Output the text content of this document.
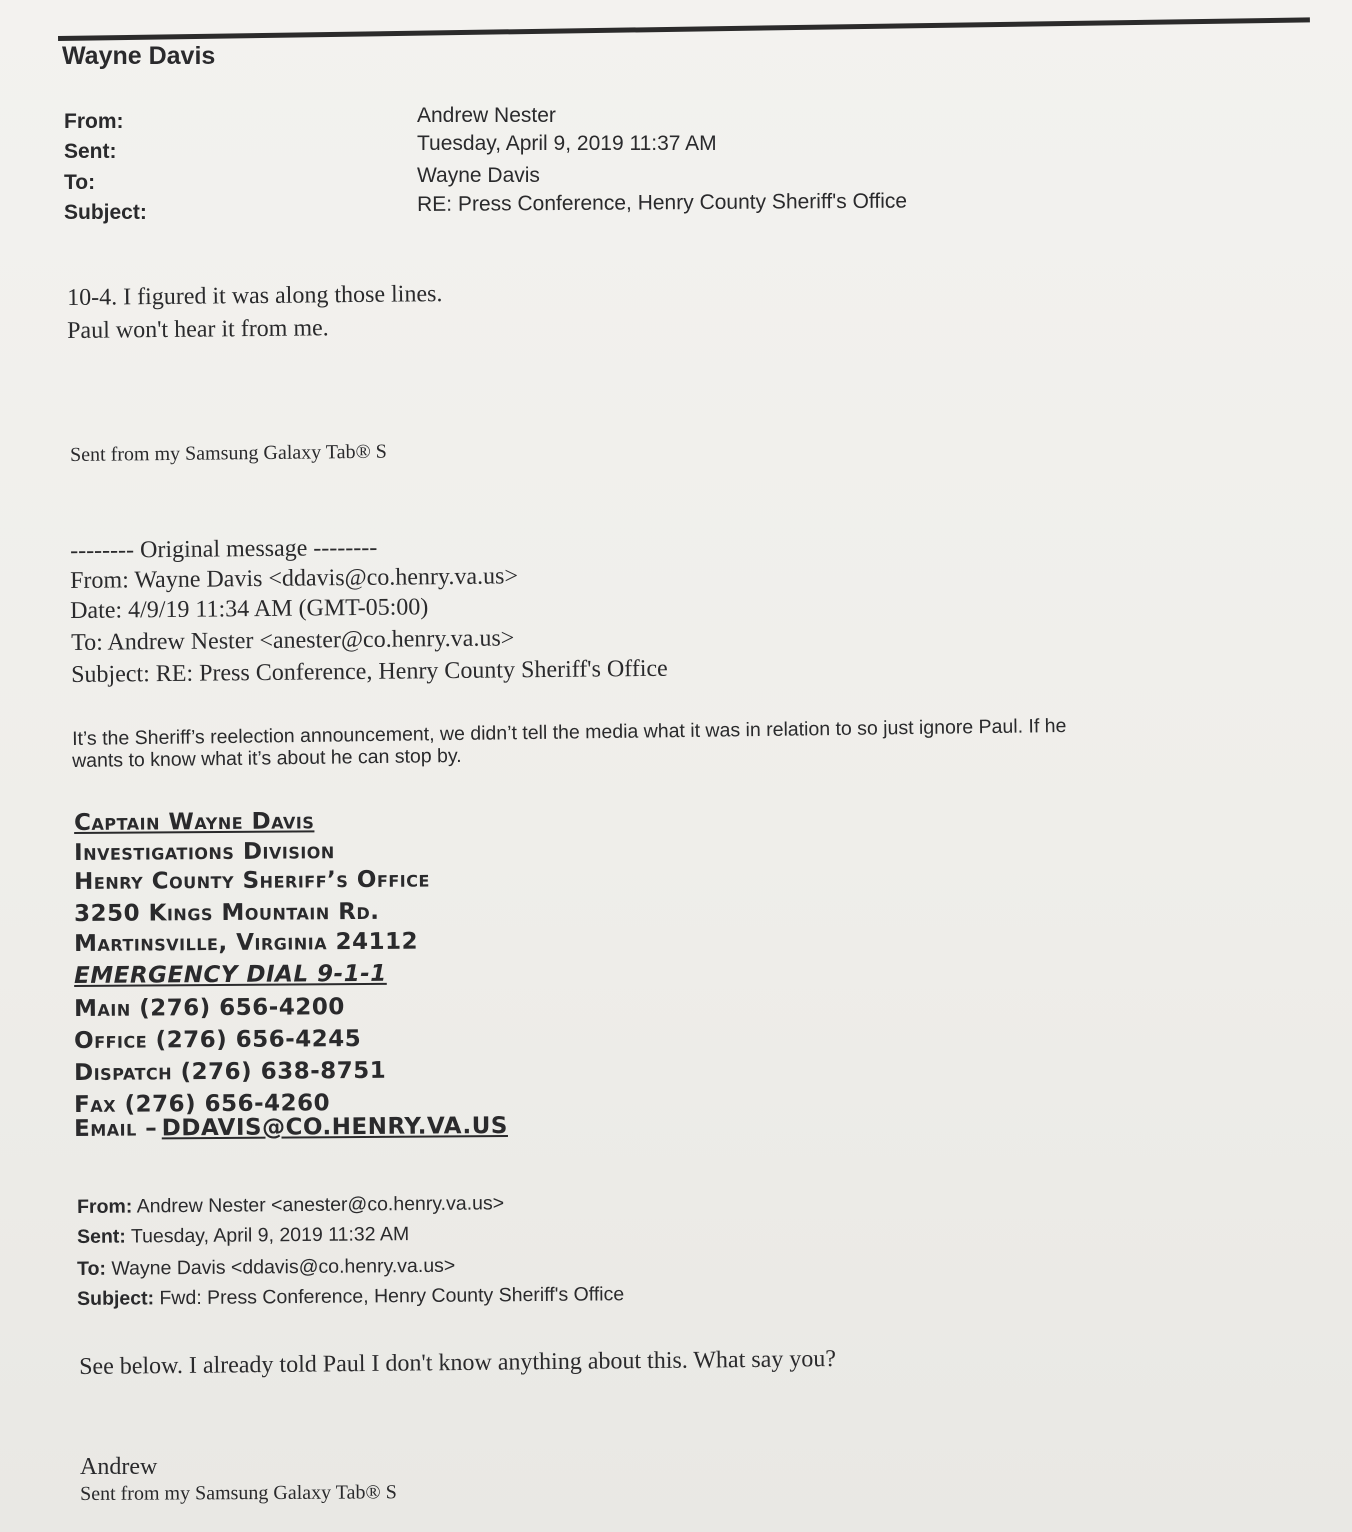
Wayne Davis
From:	Andrew Nester
Sent:	Tuesday, April 9, 2019 11:37 AM
To:	Wayne Davis
Subject:	RE: Press Conference, Henry County Sheriff's Office
10-4. I figured it was along those lines.
Paul won't hear it from me.
Sent from my Samsung Galaxy Tab® S
-------- Original message --------
From: Wayne Davis <ddavis@co.henry.va.us>
Date: 4/9/19 11:34 AM (GMT-05:00)
To: Andrew Nester <anester@co.henry.va.us>
Subject: RE: Press Conference, Henry County Sheriff's Office
It’s the Sheriff’s reelection announcement, we didn’t tell the media what it was in relation to so just ignore Paul. If he
wants to know what it’s about he can stop by.
Captain Wayne Davis
Investigations Division
Henry County Sheriff’s Office
3250 Kings Mountain Rd.
Martinsville, Virginia 24112
EMERGENCY DIAL 9-1-1
Main (276) 656-4200
Office (276) 656-4245
Dispatch (276) 638-8751
Fax (276) 656-4260
Email – DDAVIS@CO.HENRY.VA.US
From: Andrew Nester <anester@co.henry.va.us>
Sent: Tuesday, April 9, 2019 11:32 AM
To: Wayne Davis <ddavis@co.henry.va.us>
Subject: Fwd: Press Conference, Henry County Sheriff's Office
See below. I already told Paul I don't know anything about this. What say you?
Andrew
Sent from my Samsung Galaxy Tab® S
